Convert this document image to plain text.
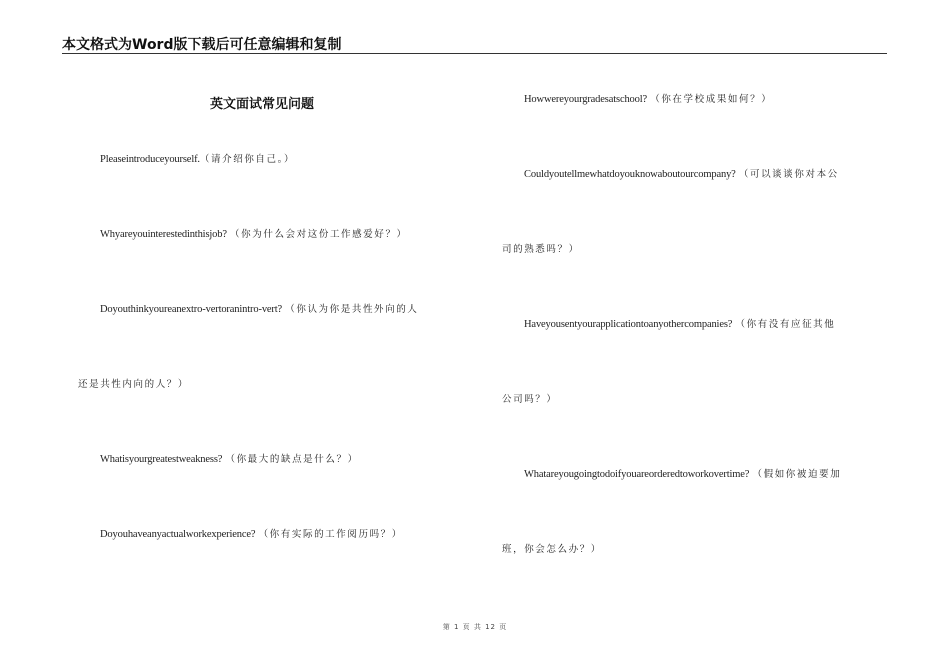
本文格式为Word版下载后可任意编辑和复制
英文面试常见问题
Pleaseintroduceyourself.（请介绍你自己。）
Whyareyouinterestedinthisjob? （你为什么会对这份工作感爱好？）
Doyouthinkyoureanextro-vertoranintro-vert? （你认为你是共性外向的人
还是共性内向的人？）
Whatisyourgreatestweakness? （你最大的缺点是什么？）
Doyouhaveanyactualworkexperience? （你有实际的工作阅历吗？）
Howwereyourgradesatschool? （你在学校成果如何？）
Couldyoutellmewhatdoyouknowaboutourcompany? （可以谈谈你对本公
司的熟悉吗？）
Haveyousentyourapplicationtoanyothercompanies? （你有没有应征其他
公司吗？）
Whatareyougoingtodoifyouareorderedtoworkovertime? （假如你被迫要加
班，你会怎么办？）
第 1 页 共 12 页
